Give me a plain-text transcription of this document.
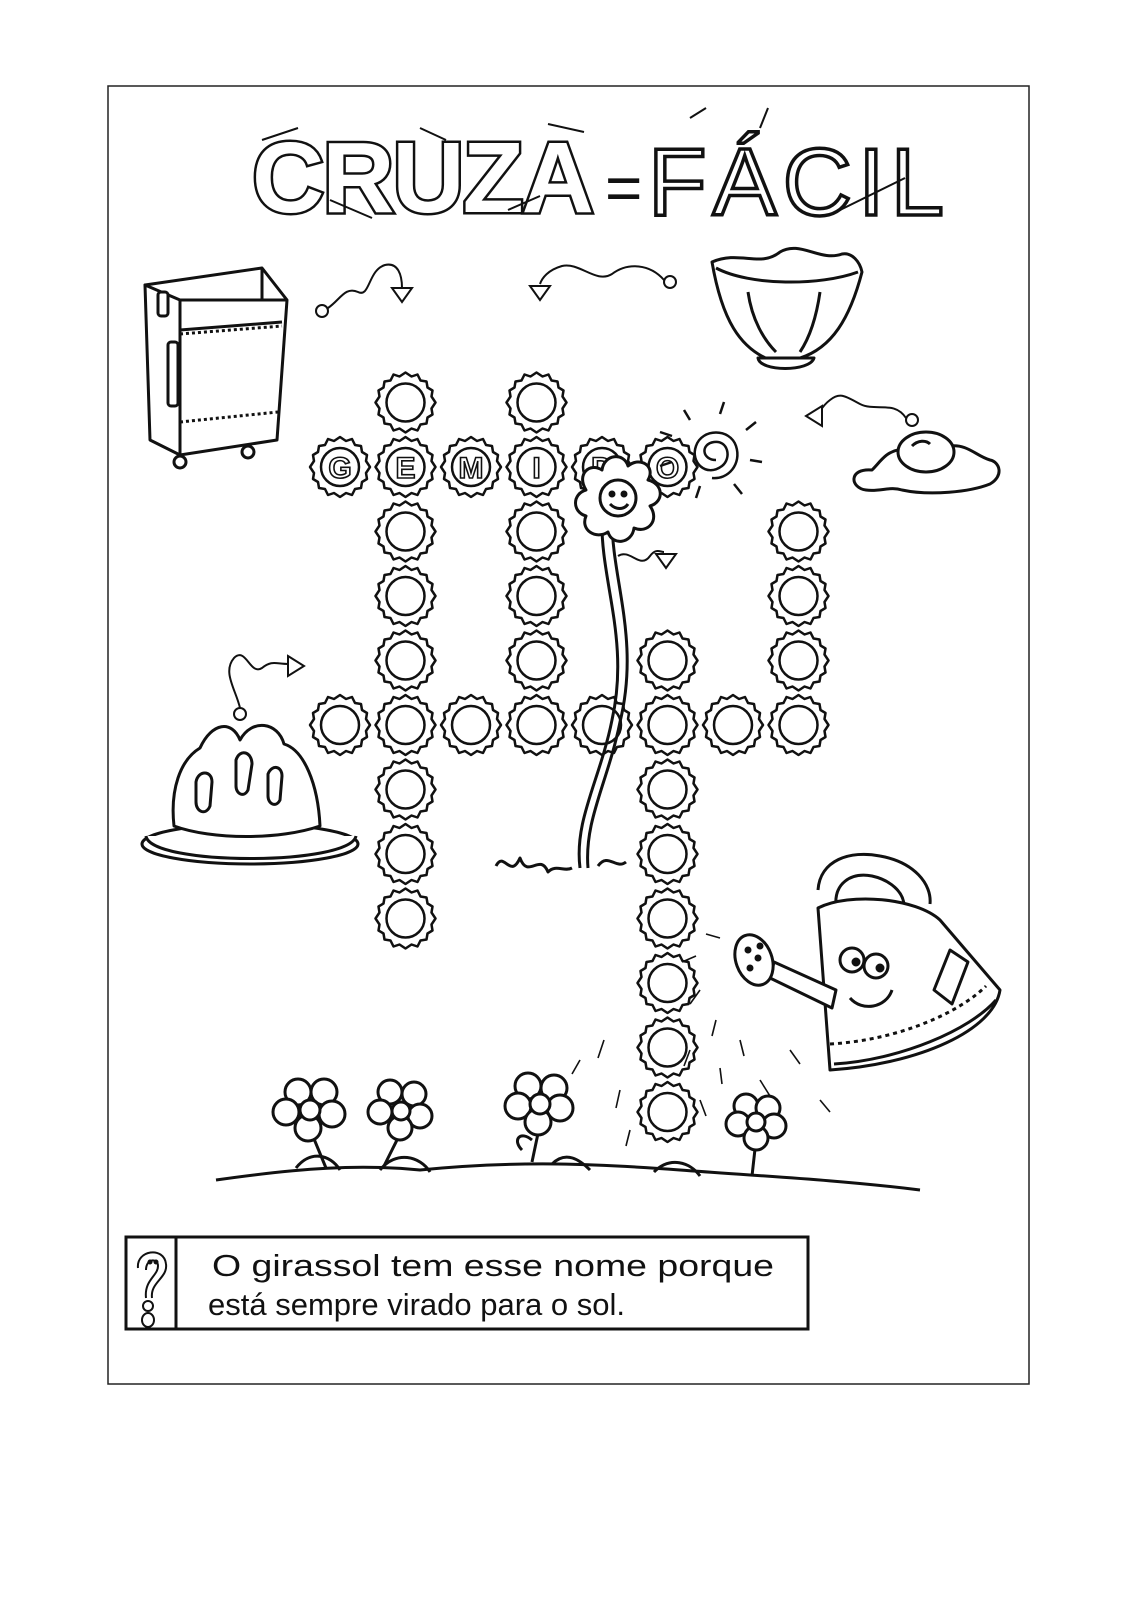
CRUZA = FÁCIL
G E M I	O
O girassol tem esse nome porque
está sempre virado para o sol.
